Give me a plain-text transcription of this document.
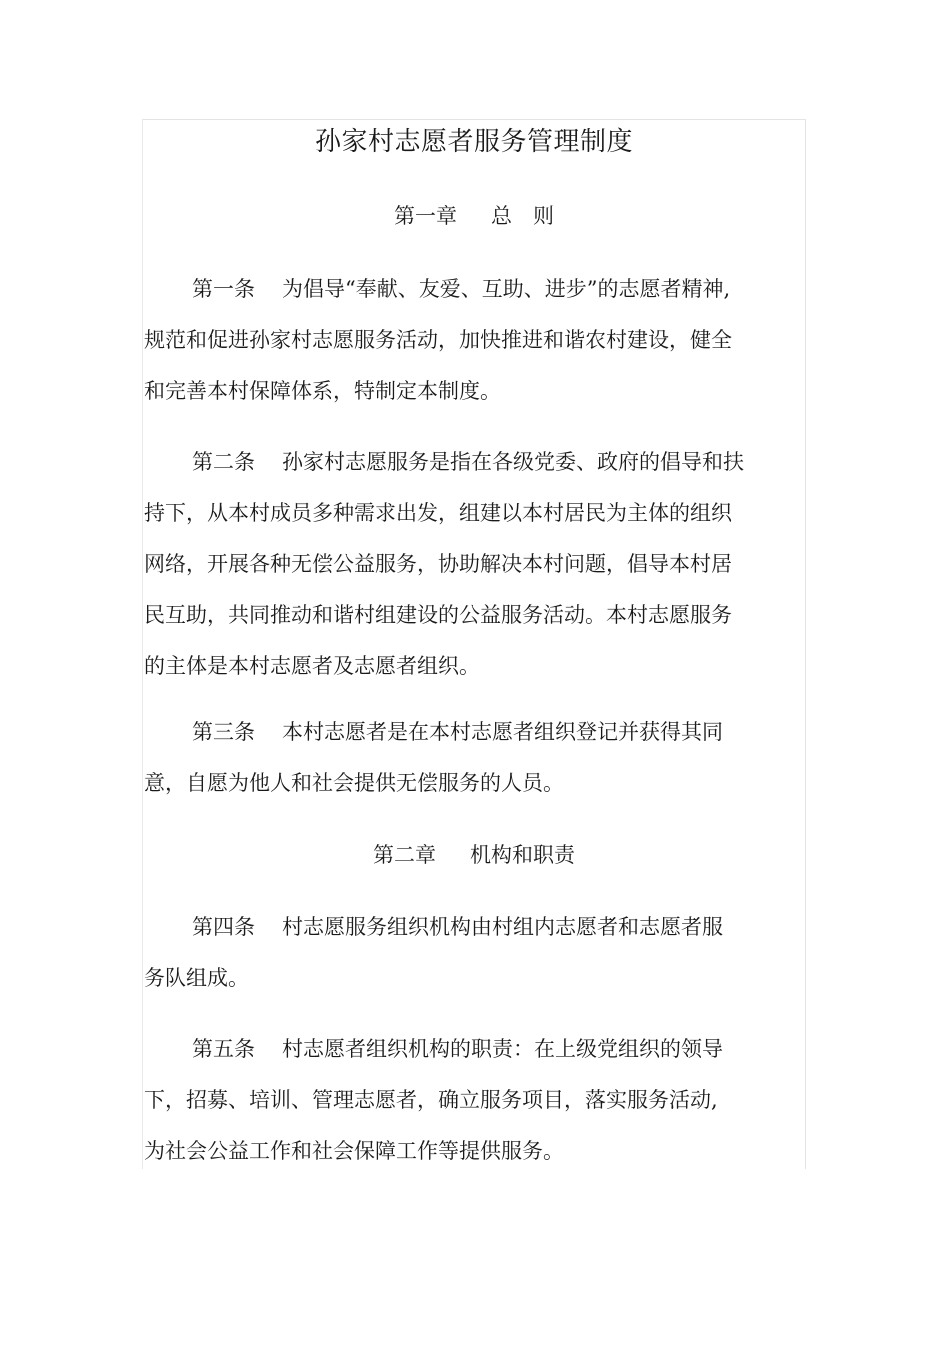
孙家村志愿者服务管理制度
第一章 总　则
第一条 为倡导“奉献、友爱、互助、进步”的志愿者精神,
规范和促进孙家村志愿服务活动，加快推进和谐农村建设，健全
和完善本村保障体系，特制定本制度。
第二条 孙家村志愿服务是指在各级党委、政府的倡导和扶
持下，从本村成员多种需求出发，组建以本村居民为主体的组织
网络，开展各种无偿公益服务，协助解决本村问题，倡导本村居
民互助，共同推动和谐村组建设的公益服务活动。本村志愿服务
的主体是本村志愿者及志愿者组织。
第三条 本村志愿者是在本村志愿者组织登记并获得其同
意，自愿为他人和社会提供无偿服务的人员。
第二章 机构和职责
第四条 村志愿服务组织机构由村组内志愿者和志愿者服
务队组成。
第五条 村志愿者组织机构的职责：在上级党组织的领导
下，招募、培训、管理志愿者，确立服务项目，落实服务活动,
为社会公益工作和社会保障工作等提供服务。
